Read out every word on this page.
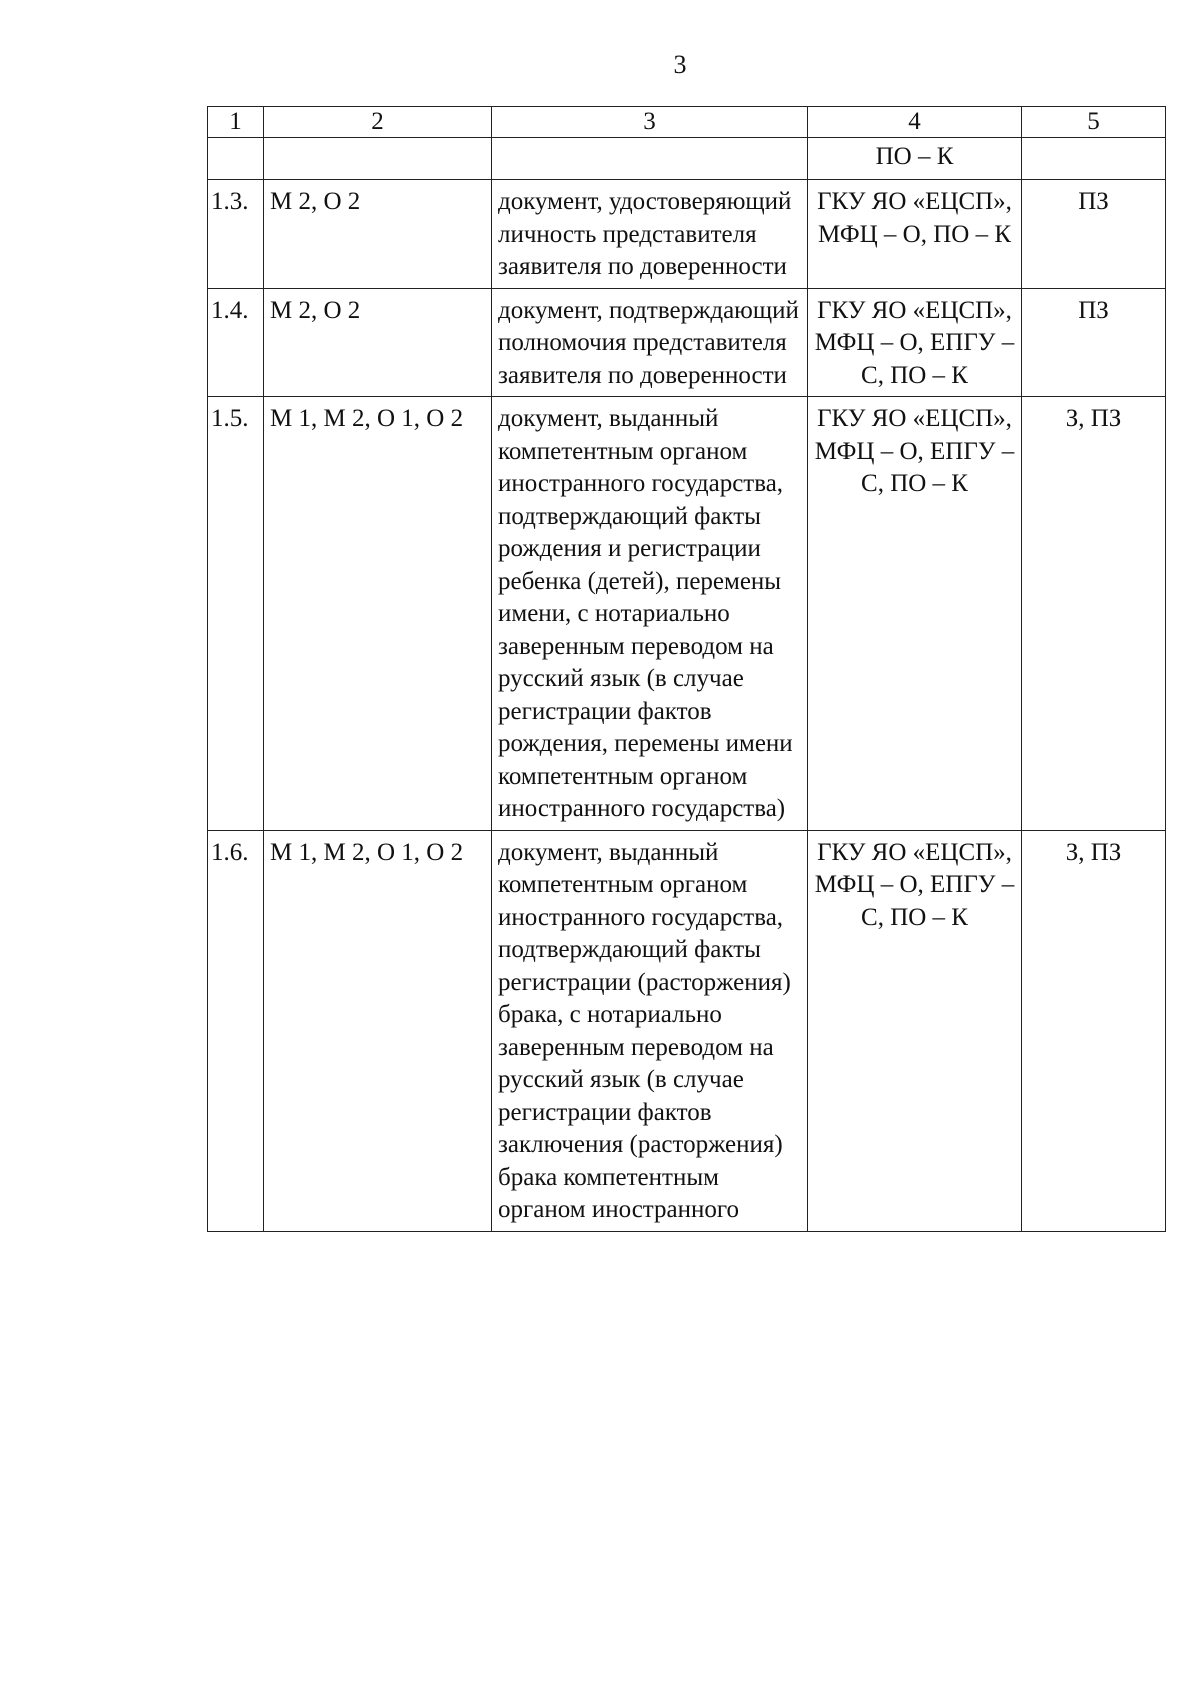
3
1	2	3	4	5
			ПО – К	
1.3.	М 2, О 2	документ, удостоверяющий личность представителя заявителя по доверенности	ГКУ ЯО «ЕЦСП», МФЦ – О, ПО – К	ПЗ
1.4.	М 2, О 2	документ, подтверждающий полномочия представителя заявителя по доверенности	ГКУ ЯО «ЕЦСП», МФЦ – О, ЕПГУ – С, ПО – К	ПЗ
1.5.	М 1, М 2, О 1, О 2	документ, выданный компетентным органом иностранного государства, подтверждающий факты рождения и регистрации ребенка (детей), перемены имени, с нотариально заверенным переводом на русский язык (в случае регистрации фактов рождения, перемены имени компетентным органом иностранного государства)	ГКУ ЯО «ЕЦСП», МФЦ – О, ЕПГУ – С, ПО – К	З, ПЗ
1.6.	М 1, М 2, О 1, О 2	документ, выданный компетентным органом иностранного государства, подтверждающий факты регистрации (расторжения) брака, с нотариально заверенным переводом на русский язык (в случае регистрации фактов заключения (расторжения) брака компетентным органом иностранного	ГКУ ЯО «ЕЦСП», МФЦ – О, ЕПГУ – С, ПО – К	З, ПЗ
